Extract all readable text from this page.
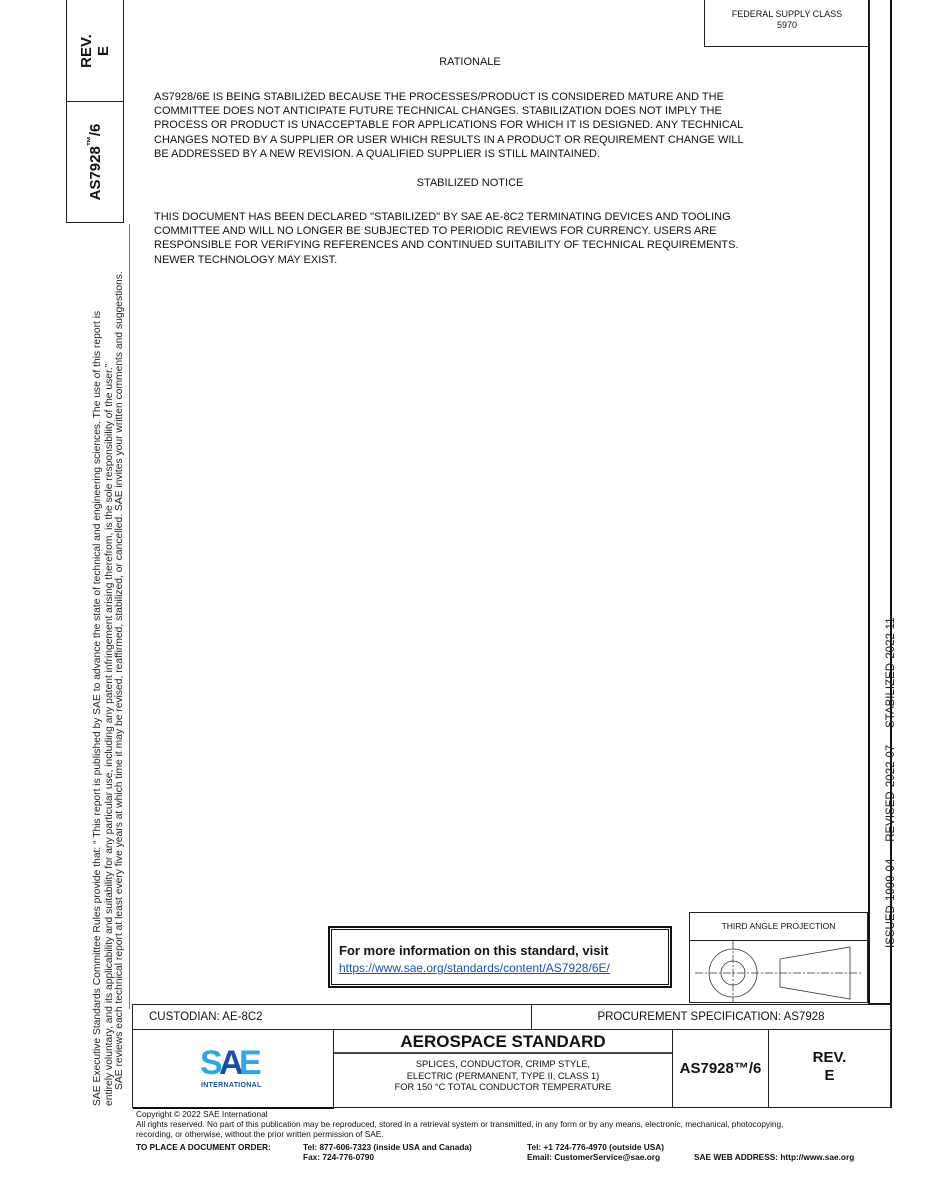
FEDERAL SUPPLY CLASS
5970
REV. E
AS7928™/6
SAE Executive Standards Committee Rules provide that: “ This report is published by SAE to advance the state of technical and engineering sciences. The use of this report is entirely voluntary, and its applicability and suitability for any particular use, including any patent infringement arising therefrom, is the sole responsibility of the user.” SAE reviews each technical report at least every five years at which time it may be revised, reaffirmed, stabilized, or cancelled. SAE invites your written comments and suggestions.	ISSUED 1999-04REVISED 2022-07STABILIZED 2022-11
RATIONALE
AS7928/6E IS BEING STABILIZED BECAUSE THE PROCESSES/PRODUCT IS CONSIDERED MATURE AND THE
COMMITTEE DOES NOT ANTICIPATE FUTURE TECHNICAL CHANGES. STABILIZATION DOES NOT IMPLY THE
PROCESS OR PRODUCT IS UNACCEPTABLE FOR APPLICATIONS FOR WHICH IT IS DESIGNED. ANY TECHNICAL
CHANGES NOTED BY A SUPPLIER OR USER WHICH RESULTS IN A PRODUCT OR REQUIREMENT CHANGE WILL
BE ADDRESSED BY A NEW REVISION. A QUALIFIED SUPPLIER IS STILL MAINTAINED.
STABILIZED NOTICE
THIS DOCUMENT HAS BEEN DECLARED "STABILIZED" BY SAE AE-8C2 TERMINATING DEVICES AND TOOLING
COMMITTEE AND WILL NO LONGER BE SUBJECTED TO PERIODIC REVIEWS FOR CURRENCY. USERS ARE
RESPONSIBLE FOR VERIFYING REFERENCES AND CONTINUED SUITABILITY OF TECHNICAL REQUIREMENTS.
NEWER TECHNOLOGY MAY EXIST.
For more information on this standard, visit
https://www.sae.org/standards/content/AS7928/6E/
THIRD ANGLE PROJECTION
CUSTODIAN: AE-8C2	PROCUREMENT SPECIFICATION: AS7928
S A E
INTERNATIONAL
AEROSPACE STANDARD
SPLICES, CONDUCTOR, CRIMP STYLE,
ELECTRIC (PERMANENT, TYPE II, CLASS 1)
FOR 150 °C TOTAL CONDUCTOR TEMPERATURE
AS7928™/6
REV.
E
Copyright © 2022 SAE International
All rights reserved. No part of this publication may be reproduced, stored in a retrieval system or transmitted, in any form or by any means, electronic, mechanical, photocopying,
recording, or otherwise, without the prior written permission of SAE.
TO PLACE A DOCUMENT ORDER:	Tel: 877-606-7323 (inside USA and Canada)
Fax: 724-776-0790
Tel: +1 724-776-4970 (outside USA)
Email: CustomerService@sae.org	SAE WEB ADDRESS: http://www.sae.org
